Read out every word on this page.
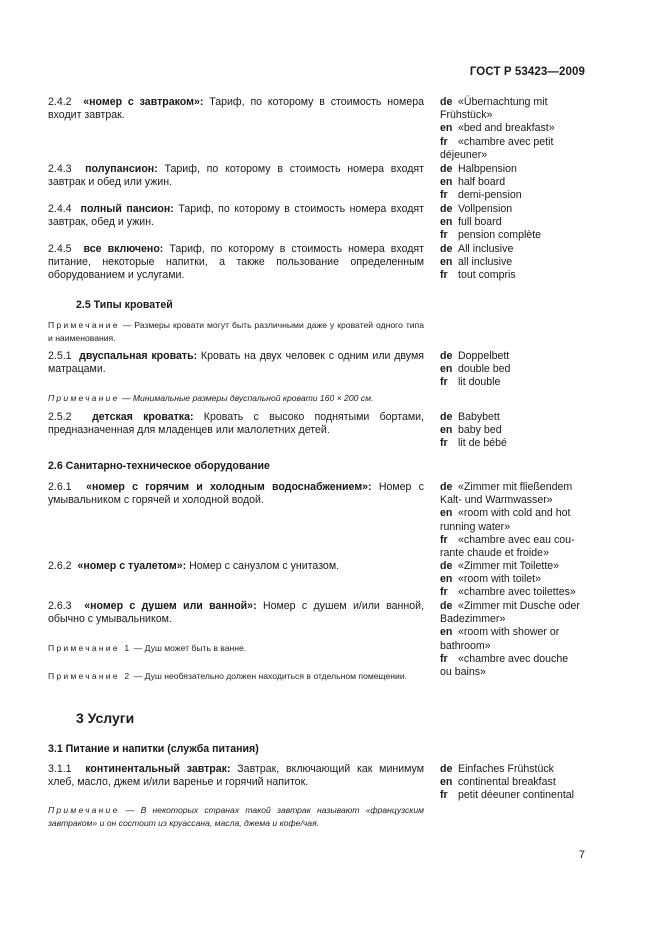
ГОСТ Р 53423—2009
2.4.2 «номер с завтраком»: Тариф, по которому в стоимость номера входит завтрак.
de «Übernachtung mit
Frühstück»
en «bed and breakfast»
fr «chambre avec petit
déjeuner»
2.4.3 полупансион: Тариф, по которому в стоимость номера входят завтрак и обед или ужин.
de Halbpension
en half board
fr demi-pension
2.4.4 полный пансион: Тариф, по которому в стоимость номера входят завтрак, обед и ужин.
de Vollpension
en full board
fr pension complète
2.4.5 все включено: Тариф, по которому в стоимость номера входят питание, некоторые напитки, а также пользование определенным оборудованием и услугами.
de All inclusive
en all inclusive
fr tout compris
2.5 Типы кроватей
Примечание — Размеры кровати могут быть различными даже у кроватей одного типа и наименования.
2.5.1 двуспальная кровать: Кровать на двух человек с одним или двумя матрацами.
de Doppelbett
en double bed
fr lit double
Примечание — Минимальные размеры двуспальной кровати 160 × 200 см.
2.5.2 детская кроватка: Кровать с высоко поднятыми бортами, предназначенная для младенцев или малолетних детей.
de Babybett
en baby bed
fr lit de bébé
2.6 Санитарно-техническое оборудование
2.6.1 «номер с горячим и холодным водоснабжением»: Номер с умывальником с горячей и холодной водой.
de «Zimmer mit fließendem
Kalt- und Warmwasser»
en «room with cold and hot
running water»
fr «chambre avec eau cou-
rante chaude et froide»
2.6.2 «номер с туалетом»: Номер с санузлом с унитазом.	de «Zimmer mit Toilette»
en «room with toilet»
fr «chambre avec toilettes»
2.6.3 «номер с душем или ванной»: Номер с душем и/или ванной, обычно с умывальником.
de «Zimmer mit Dusche oder
Badezimmer»
en «room with shower or
bathroom»
fr «chambre avec douche
ou bains»
Примечание 1 — Душ может быть в ванне.
Примечание 2 — Душ необязательно должен находиться в отдельном помещении.
3 Услуги
3.1 Питание и напитки (служба питания)
3.1.1 континентальный завтрак: Завтрак, включающий как минимум хлеб, масло, джем и/или варенье и горячий напиток.
de Einfaches Frühstück
en continental breakfast
fr petit déeuner continental
Примечание — В некоторых странах такой завтрак называют «французским завтраком» и он состоит из круассана, масла, джема и кофе/чая.
7
